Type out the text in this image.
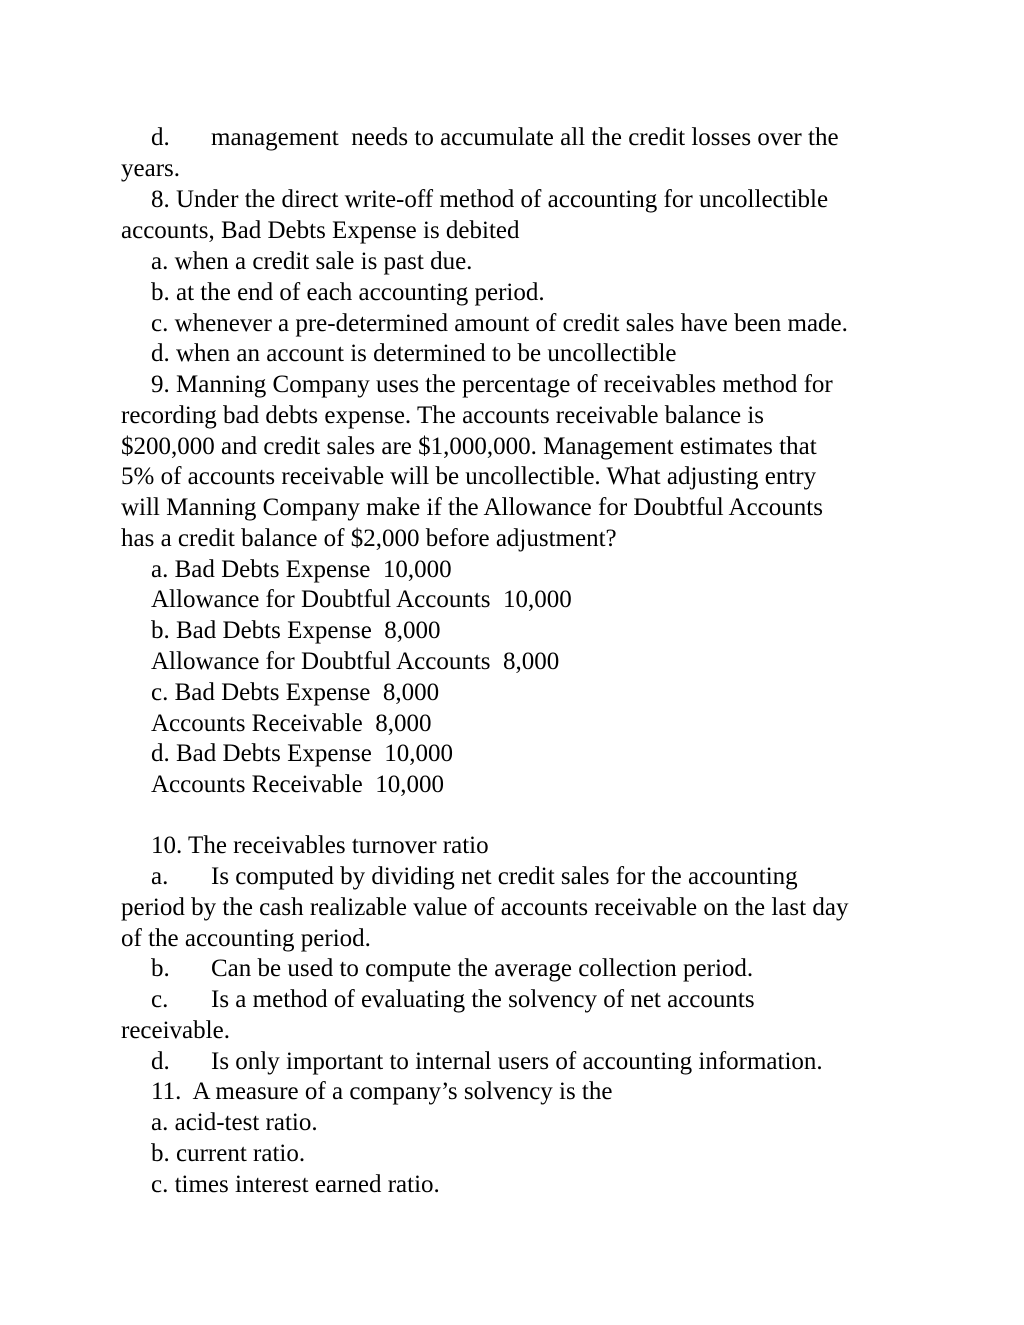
d. management  needs to accumulate all the credit losses over the
years.
8. Under the direct write-off method of accounting for uncollectible
accounts, Bad Debts Expense is debited
a. when a credit sale is past due.
b. at the end of each accounting period.
c. whenever a pre-determined amount of credit sales have been made.
d. when an account is determined to be uncollectible
9. Manning Company uses the percentage of receivables method for
recording bad debts expense. The accounts receivable balance is
$200,000 and credit sales are $1,000,000. Management estimates that
5% of accounts receivable will be uncollectible. What adjusting entry
will Manning Company make if the Allowance for Doubtful Accounts
has a credit balance of $2,000 before adjustment?
a. Bad Debts Expense  10,000
Allowance for Doubtful Accounts  10,000
b. Bad Debts Expense  8,000
Allowance for Doubtful Accounts  8,000
c. Bad Debts Expense  8,000
Accounts Receivable  8,000
d. Bad Debts Expense  10,000
Accounts Receivable  10,000
10. The receivables turnover ratio
a. Is computed by dividing net credit sales for the accounting
period by the cash realizable value of accounts receivable on the last day
of the accounting period.
b. Can be used to compute the average collection period.
c. Is a method of evaluating the solvency of net accounts
receivable.
d. Is only important to internal users of accounting information.
11.  A measure of a company’s solvency is the
a. acid-test ratio.
b. current ratio.
c. times interest earned ratio.
